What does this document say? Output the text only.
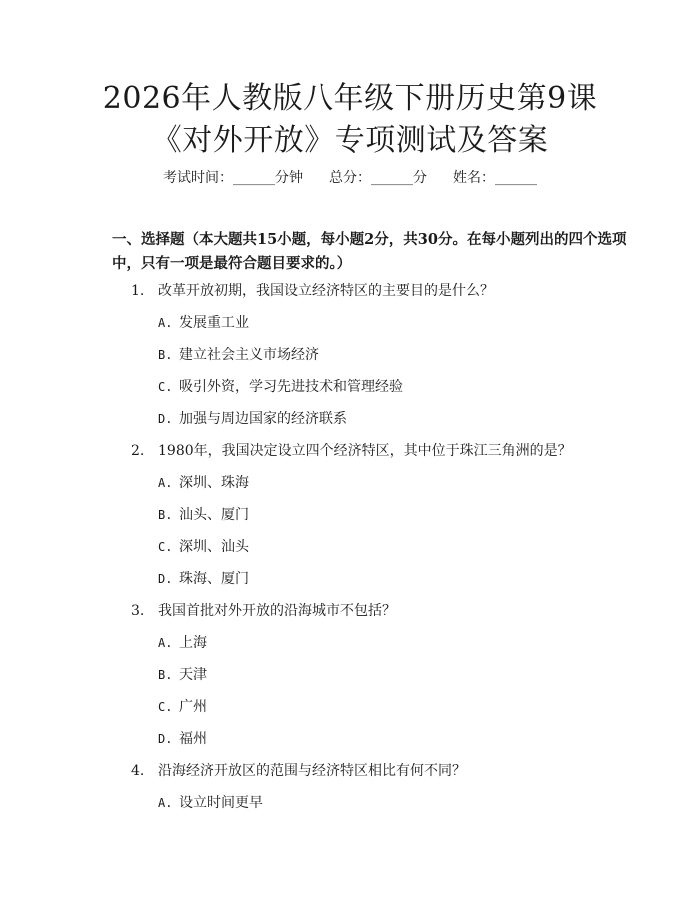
2026年人教版八年级下册历史第9课《对外开放》专项测试及答案
考试时间：______分钟 总分：______分 姓名：______
一、选择题（本大题共15小题，每小题2分，共30分。在每小题列出的四个选项中，只有一项是最符合题目要求的。）
1. 改革开放初期，我国设立经济特区的主要目的是什么？
A. 发展重工业
B. 建立社会主义市场经济
C. 吸引外资，学习先进技术和管理经验
D. 加强与周边国家的经济联系
2. 1980年，我国决定设立四个经济特区，其中位于珠江三角洲的是？
A. 深圳、珠海
B. 汕头、厦门
C. 深圳、汕头
D. 珠海、厦门
3. 我国首批对外开放的沿海城市不包括？
A. 上海
B. 天津
C. 广州
D. 福州
4. 沿海经济开放区的范围与经济特区相比有何不同？
A. 设立时间更早
